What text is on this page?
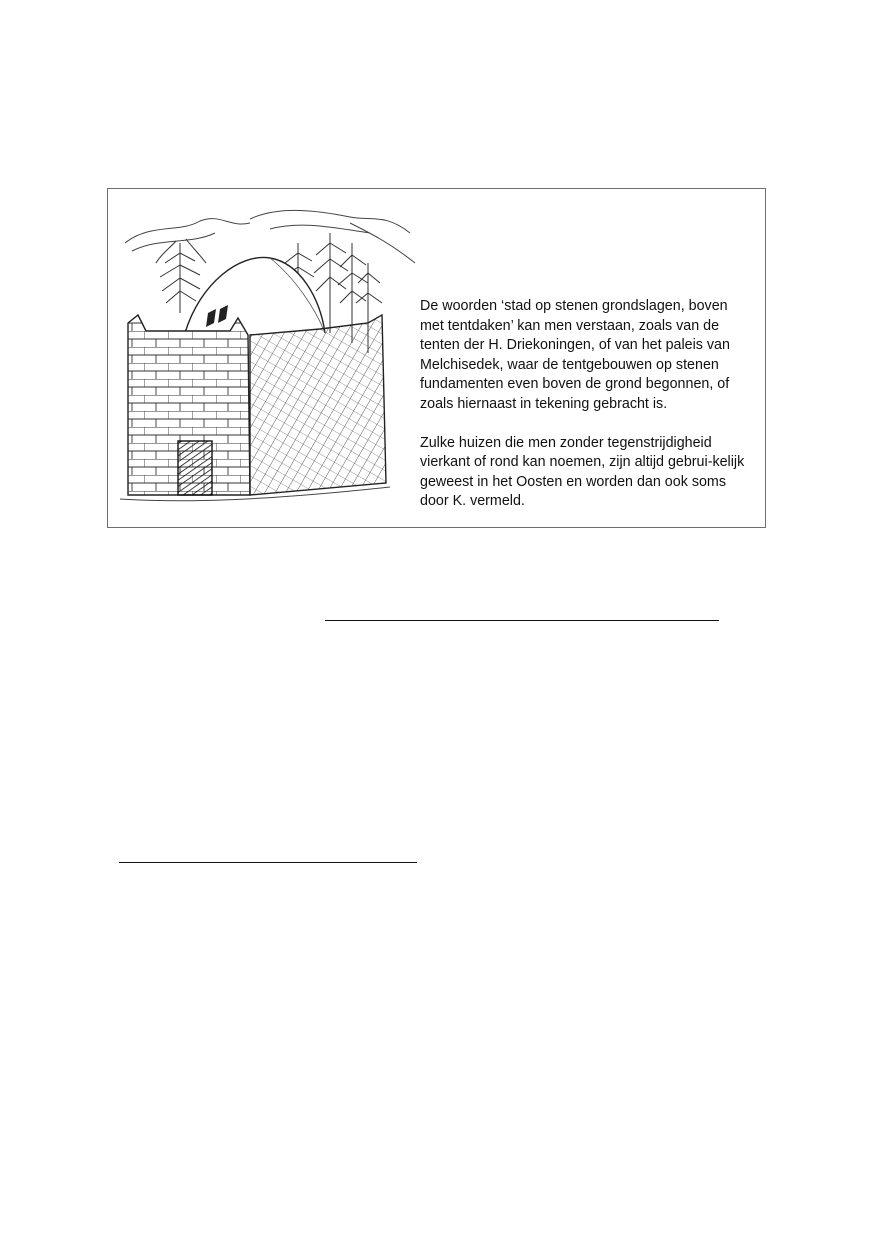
De woorden ‘stad op stenen grondslagen, boven met tentdaken’ kan men verstaan, zoals van de tenten der H. Driekoningen, of van het paleis van Melchisedek, waar de tentgebouwen op stenen fundamenten even boven de grond begonnen, of zoals hiernaast in tekening gebracht is.

Zulke huizen die men zonder tegenstrijdigheid vierkant of rond kan noemen, zijn altijd gebrui-kelijk geweest in het Oosten en worden dan ook soms door K. vermeld.
